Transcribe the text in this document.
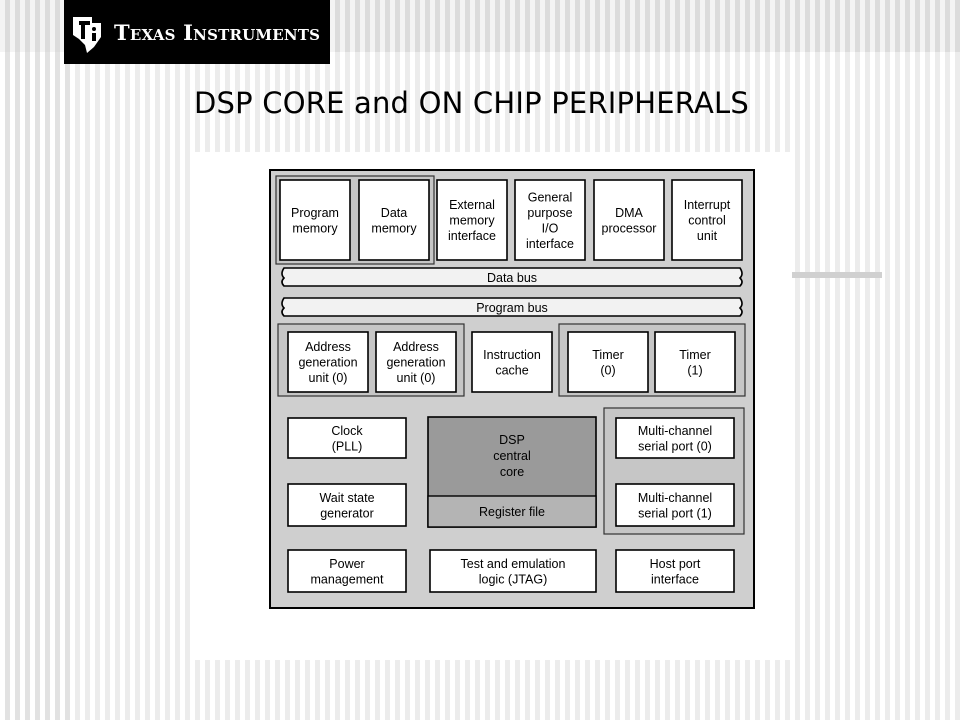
Texas Instruments
DSP CORE and ON CHIP PERIPHERALS
DSP
central
core
Register file
Data bus
Program bus
Program
memory
Data
memory
External
memory
interface
General
purpose
I/O
interface
DMA
processor
Interrupt
control
unit
Address
generation
unit (0)
Address
generation
unit (0)
Instruction
cache
Timer
(0)
Timer
(1)
Clock
(PLL)
Wait state
generator
Multi-channel
serial port (0)
Multi-channel
serial port (1)
Power
management
Test and emulation
logic (JTAG)
Host port
interface
